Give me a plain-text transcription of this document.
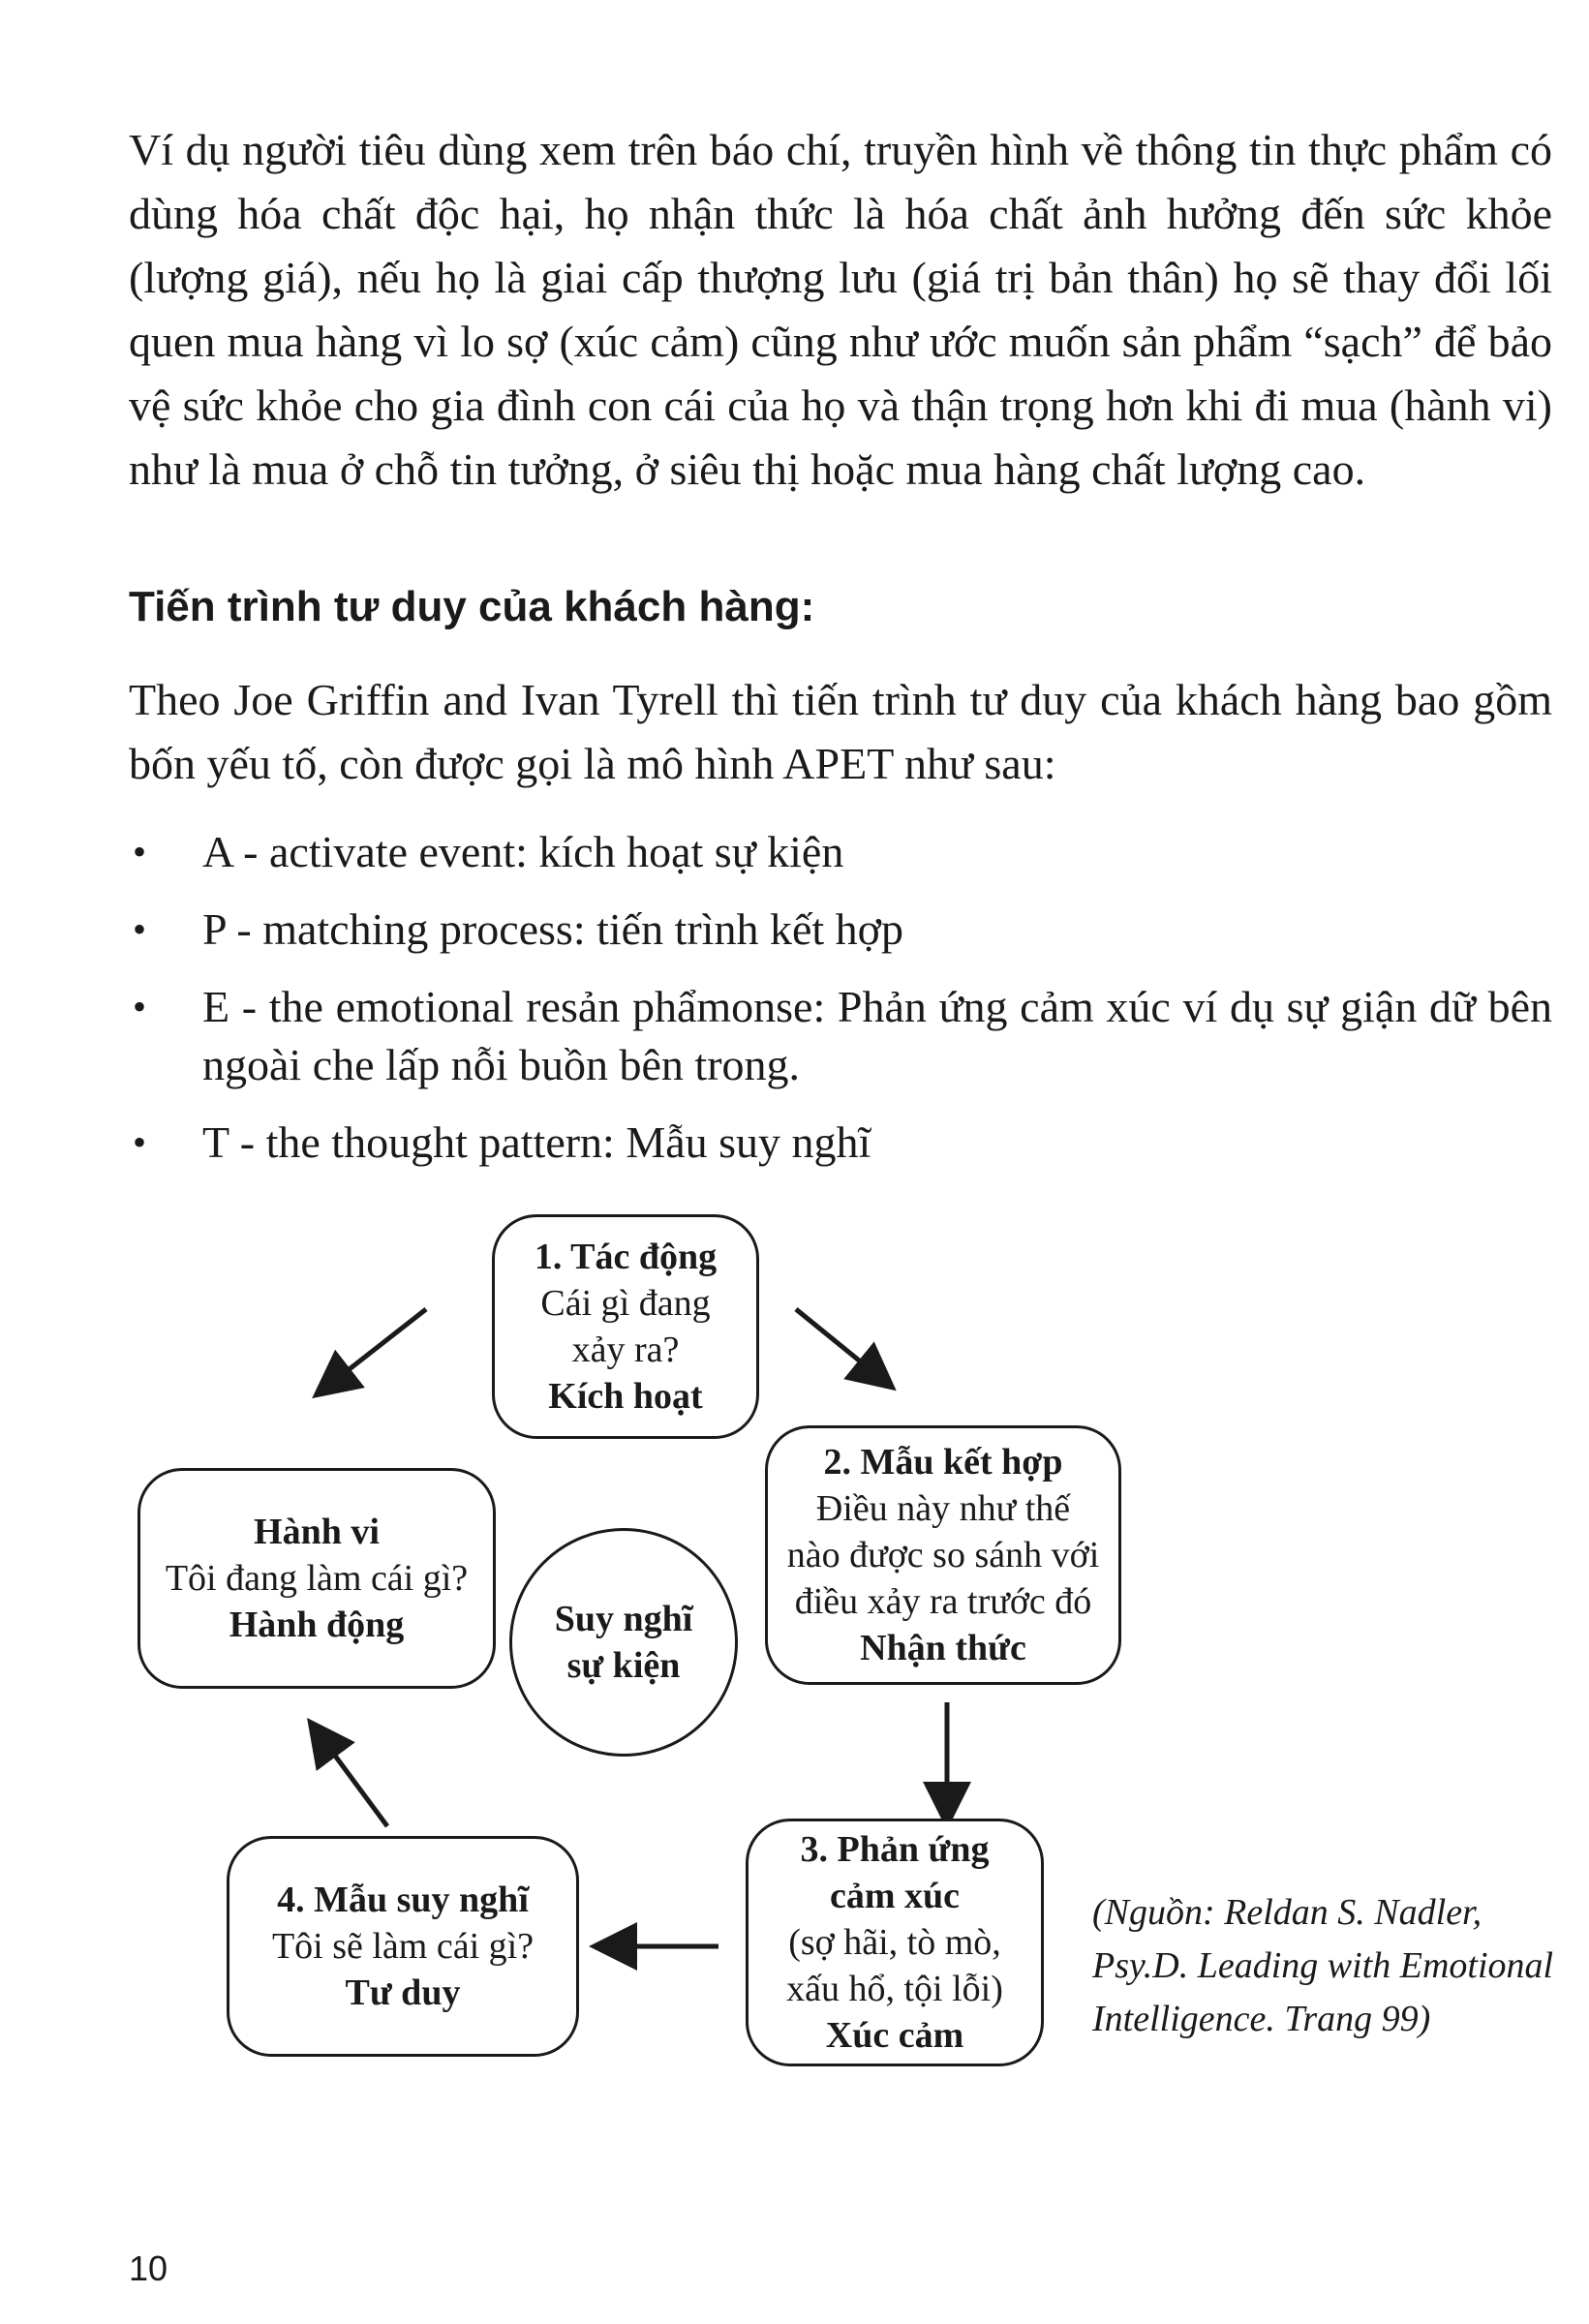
Ví dụ người tiêu dùng xem trên báo chí, truyền hình về thông tin thực phẩm có dùng hóa chất độc hại, họ nhận thức là hóa chất ảnh hưởng đến sức khỏe (lượng giá), nếu họ là giai cấp thượng lưu (giá trị bản thân) họ sẽ thay đổi lối quen mua hàng vì lo sợ (xúc cảm) cũng như ước muốn sản phẩm “sạch” để bảo vệ sức khỏe cho gia đình con cái của họ và thận trọng hơn khi đi mua (hành vi) như là mua ở chỗ tin tưởng, ở siêu thị hoặc mua hàng chất lượng cao.

Tiến trình tư duy của khách hàng:

Theo Joe Griffin and Ivan Tyrell thì tiến trình tư duy của khách hàng bao gồm bốn yếu tố, còn được gọi là mô hình APET như sau:

• A - activate event: kích hoạt sự kiện
• P - matching process: tiến trình kết hợp
• E - the emotional resản phẩmonse: Phản ứng cảm xúc ví dụ sự giận dữ bên ngoài che lấp nỗi buồn bên trong.
• T - the thought pattern: Mẫu suy nghĩ
1. Tác động
Cái gì đang
xảy ra?
Kích hoạt
2. Mẫu kết hợp
Điều này như thế
nào được so sánh với
điều xảy ra trước đó
Nhận thức
3. Phản ứng
cảm xúc
(sợ hãi, tò mò,
xấu hổ, tội lỗi)
Xúc cảm
4. Mẫu suy nghĩ
Tôi sẽ làm cái gì?
Tư duy
Hành vi
Tôi đang làm cái gì?
Hành động	Suy nghĩ
sự kiện

(Nguồn: Reldan S. Nadler, Psy.D. Leading with Emotional Intelligence. Trang 99)

10
